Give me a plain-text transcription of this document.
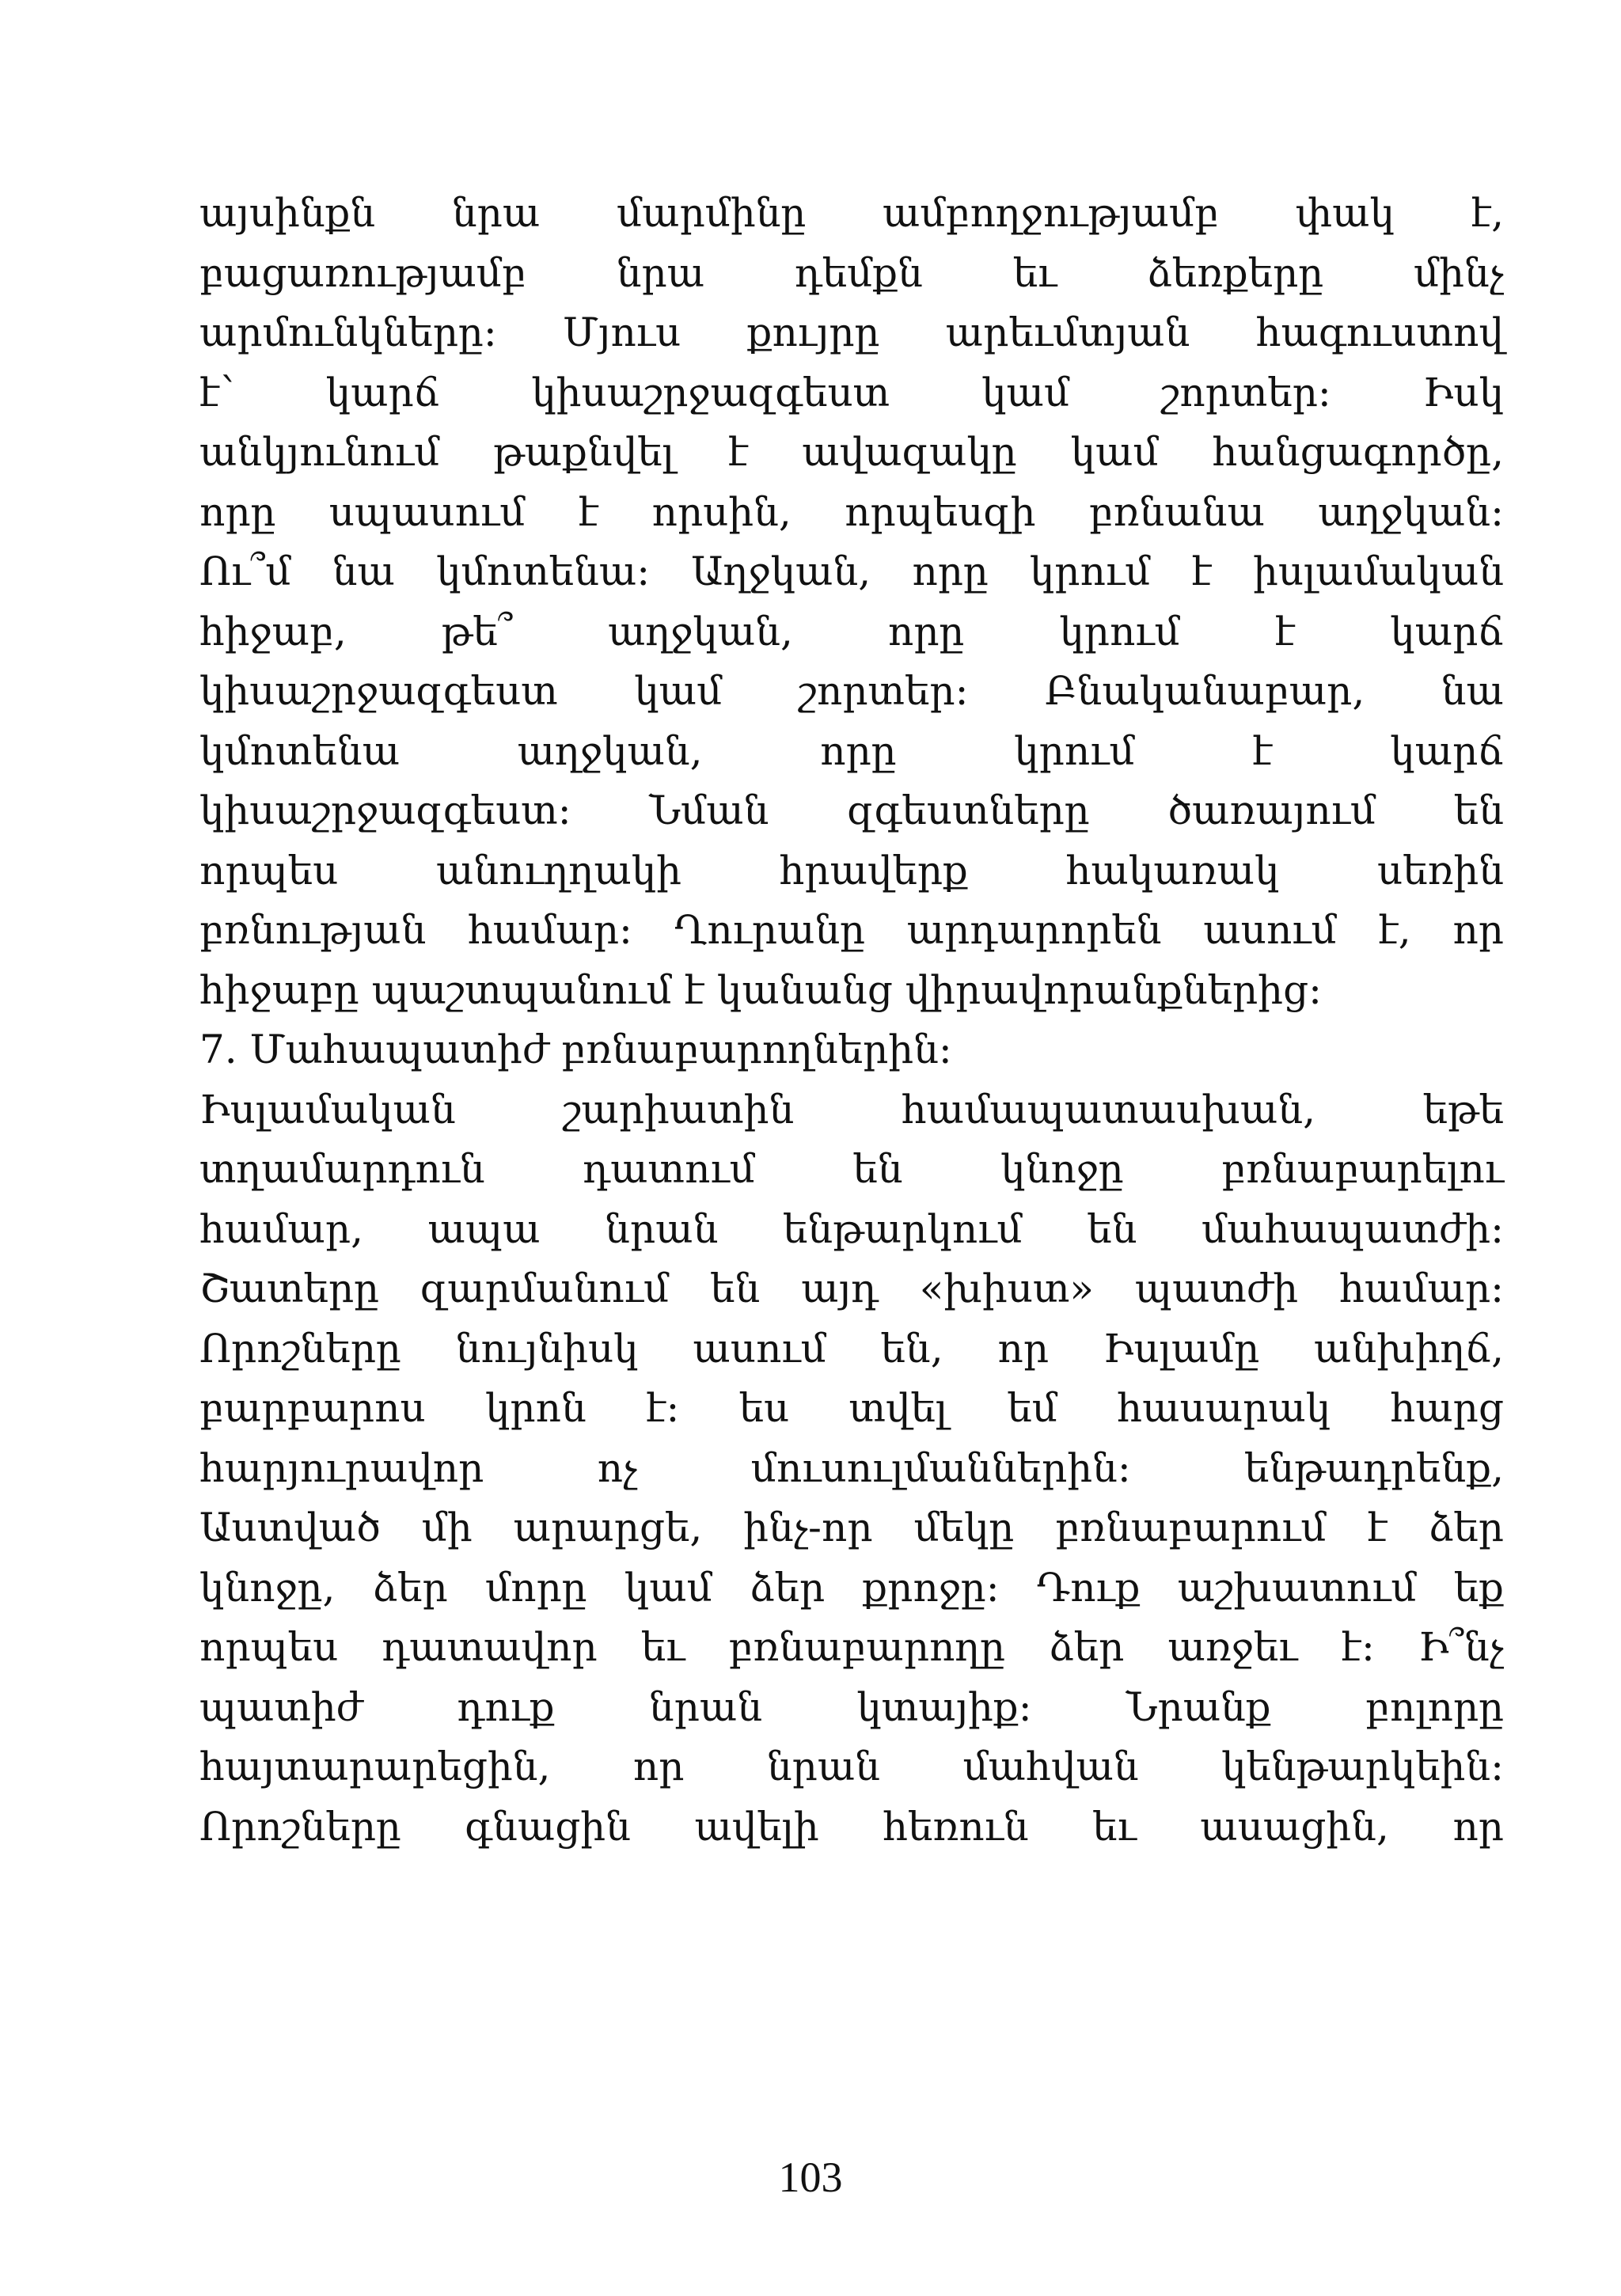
այսինքն նրա մարմինը ամբողջությամբ փակ է,
բացառությամբ նրա դեմքն եւ ձեռքերը մինչ
արմունկները: Մյուս քույրը արեւմտյան հագուստով
է՝ կարճ կիսաշրջազգեստ կամ շորտեր: Իսկ
անկյունում թաքնվել է ավազակը կամ հանցագործը,
որը սպասում է որսին, որպեսզի բռնանա աղջկան:
Ու՞մ նա կմոտենա: Աղջկան, որը կրում է իսլամական
հիջաբ, թե՞ աղջկան, որը կրում է կարճ
կիսաշրջազգեստ կամ շորտեր: Բնականաբար, նա
կմոտենա աղջկան, որը կրում է կարճ
կիսաշրջազգեստ: Նման զգեստները ծառայում են
որպես անուղղակի հրավերք հակառակ սեռին
բռնության համար: Ղուրանը արդարորեն ասում է, որ
հիջաբը պաշտպանում է կանանց վիրավորանքներից:
7. Մահապատիժ բռնաբարողներին:
Իսլամական շարիատին համապատասխան, եթե
տղամարդուն դատում են կնոջը բռնաբարելու
համար, ապա նրան ենթարկում են մահապատժի:
Շատերը զարմանում են այդ «խիստ» պատժի համար:
Որոշները նույնիսկ ասում են, որ Իսլամը անխիղճ,
բարբարոս կրոն է: ես տվել եմ հասարակ հարց
հարյուրավոր ոչ մուսուլմաններին: ենթադրենք,
Աստված մի արարցե, ինչ-որ մեկը բռնաբարում է ձեր
կնոջը, ձեր մորը կամ ձեր քրոջը: Դուք աշխատում եք
որպես դատավոր եւ բռնաբարողը ձեր առջեւ է: Ի՞նչ
պատիժ դուք նրան կտայիք: Նրանք բոլորը
հայտարարեցին, որ նրան մահվան կենթարկեին:
Որոշները գնացին ավելի հեռուն եւ ասացին, որ
103
